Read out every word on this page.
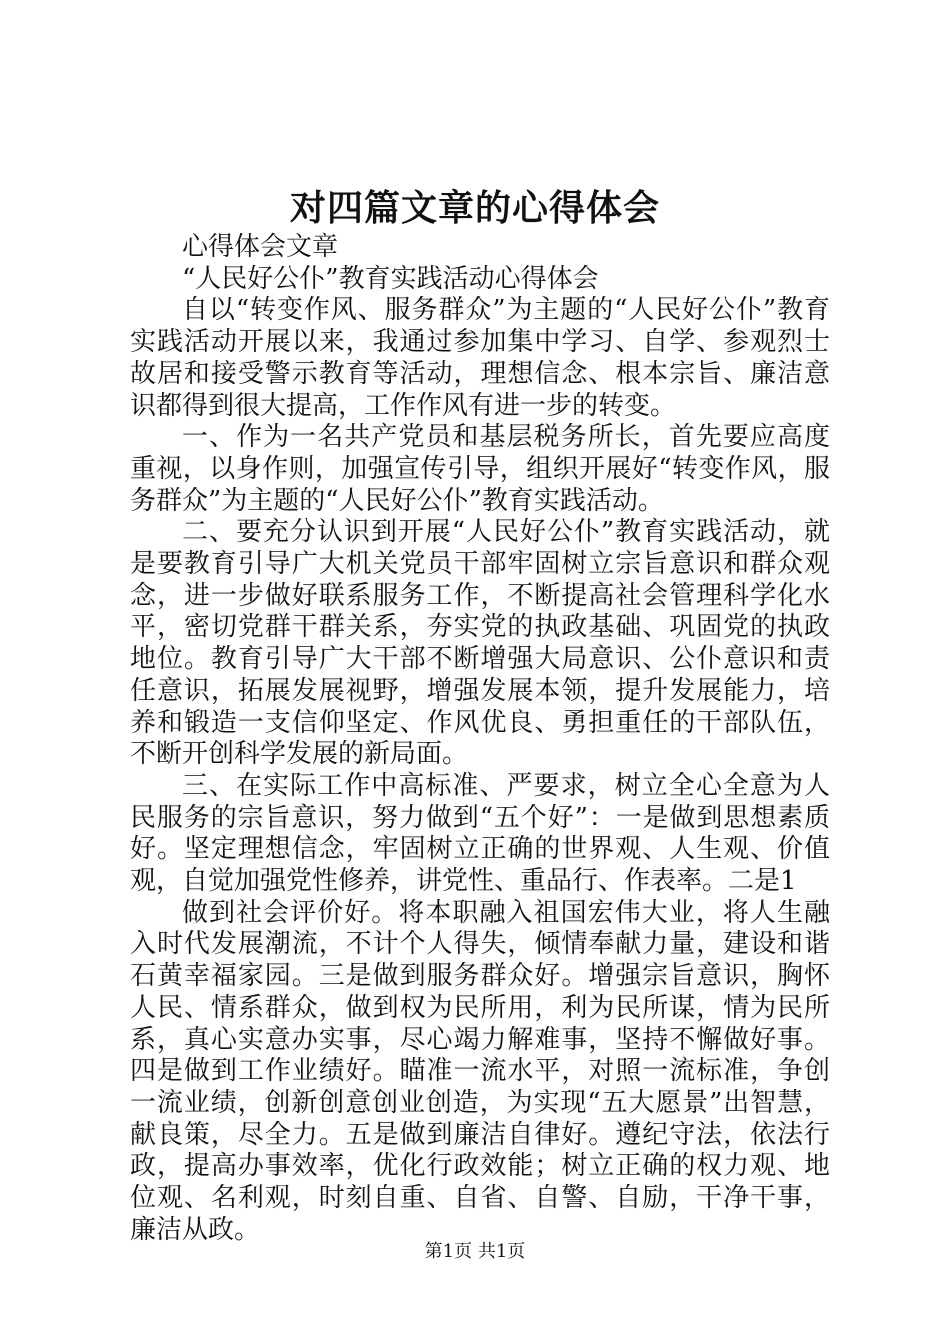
对四篇文章的心得体会

心得体会文章

“人民好公仆”教育实践活动心得体会

自以“转变作风、服务群众”为主题的“人民好公仆”教育实践活动开展以来，我通过参加集中学习、自学、参观烈士故居和接受警示教育等活动，理想信念、根本宗旨、廉洁意识都得到很大提高，工作作风有进一步的转变。

一、作为一名共产党员和基层税务所长，首先要应高度重视，以身作则，加强宣传引导，组织开展好“转变作风，服务群众”为主题的“人民好公仆”教育实践活动。

二、要充分认识到开展“人民好公仆”教育实践活动，就是要教育引导广大机关党员干部牢固树立宗旨意识和群众观念，进一步做好联系服务工作，不断提高社会管理科学化水平，密切党群干群关系，夯实党的执政基础、巩固党的执政地位。教育引导广大干部不断增强大局意识、公仆意识和责任意识，拓展发展视野，增强发展本领，提升发展能力，培养和锻造一支信仰坚定、作风优良、勇担重任的干部队伍，不断开创科学发展的新局面。

三、在实际工作中高标准、严要求，树立全心全意为人民服务的宗旨意识，努力做到“五个好”：一是做到思想素质好。坚定理想信念，牢固树立正确的世界观、人生观、价值观，自觉加强党性修养，讲党性、重品行、作表率。二是1

做到社会评价好。将本职融入祖国宏伟大业，将人生融入时代发展潮流，不计个人得失，倾情奉献力量，建设和谐石黄幸福家园。三是做到服务群众好。增强宗旨意识，胸怀人民、情系群众，做到权为民所用，利为民所谋，情为民所系，真心实意办实事，尽心竭力解难事，坚持不懈做好事。四是做到工作业绩好。瞄准一流水平，对照一流标准，争创一流业绩，创新创意创业创造，为实现“五大愿景”出智慧，献良策，尽全力。五是做到廉洁自律好。遵纪守法，依法行政，提高办事效率，优化行政效能；树立正确的权力观、地位观、名利观，时刻自重、自省、自警、自励，干净干事，廉洁从政。

第1页 共1页
